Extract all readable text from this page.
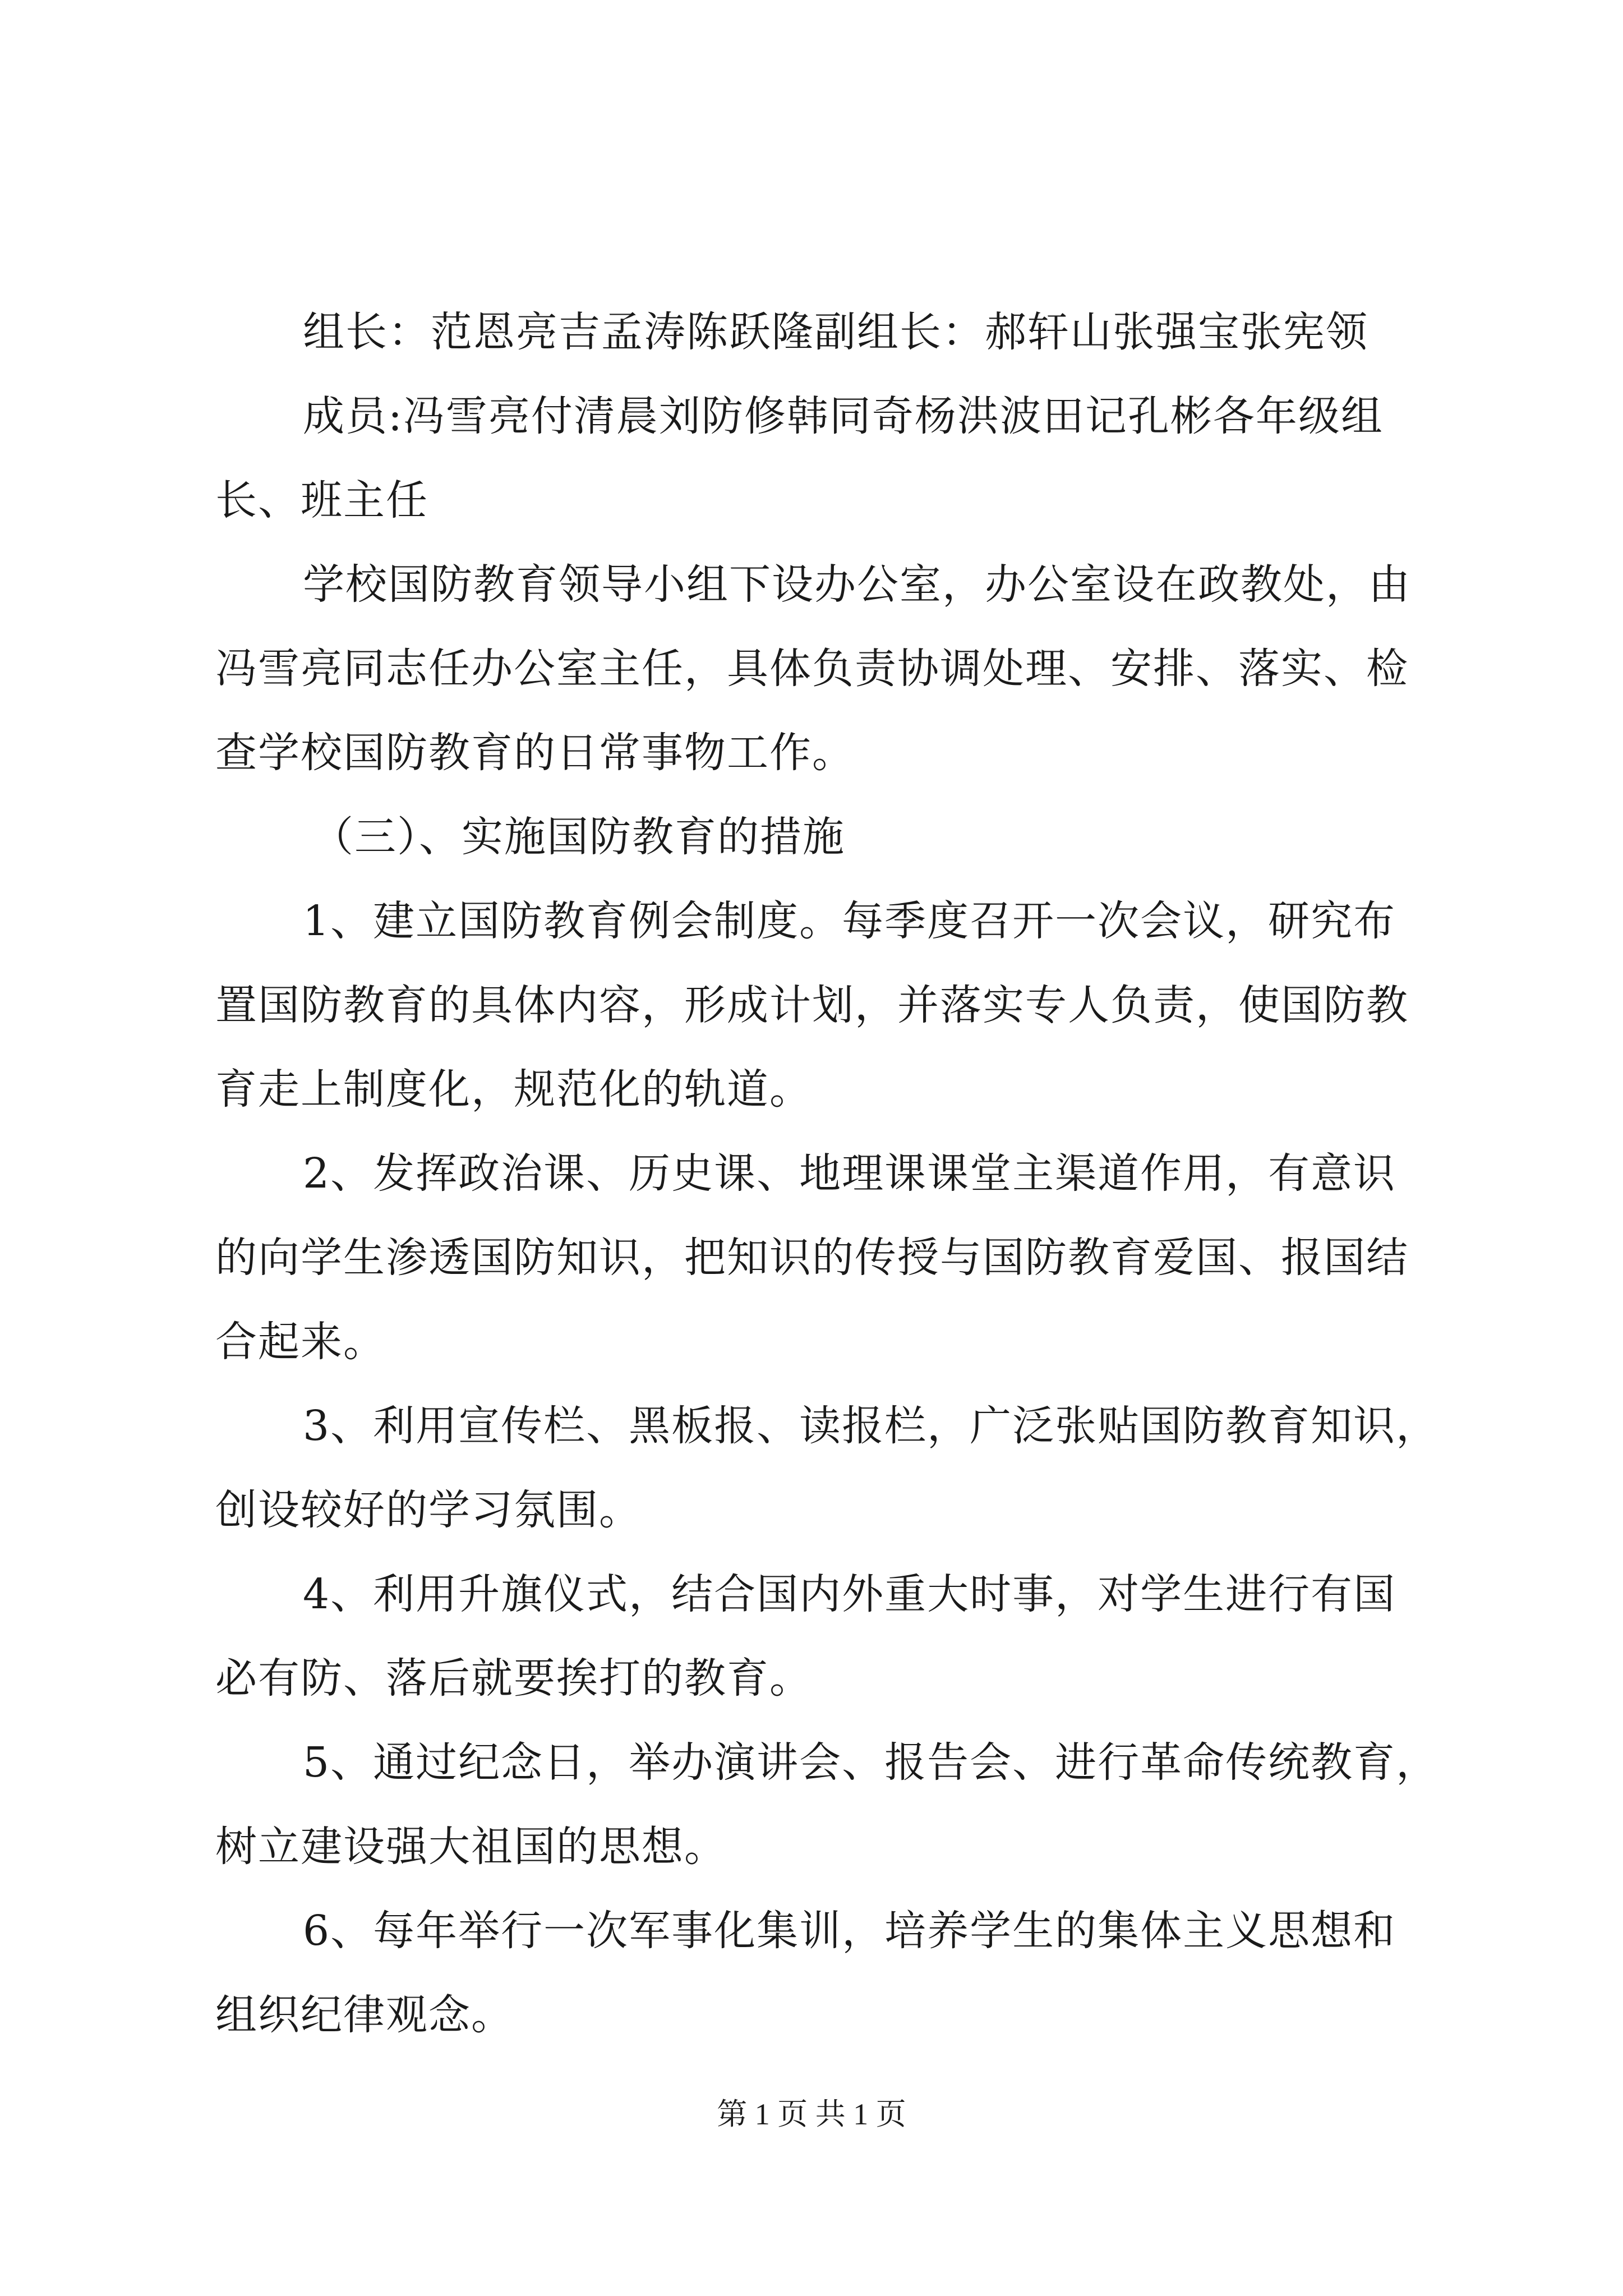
组长：范恩亮吉孟涛陈跃隆副组长：郝轩山张强宝张宪领
成员:冯雪亮付清晨刘防修韩同奇杨洪波田记孔彬各年级组
长、班主任
学校国防教育领导小组下设办公室，办公室设在政教处，由
冯雪亮同志任办公室主任，具体负责协调处理、安排、落实、检
查学校国防教育的日常事物工作。
（三）、实施国防教育的措施
1、建立国防教育例会制度。每季度召开一次会议，研究布
置国防教育的具体内容，形成计划，并落实专人负责，使国防教
育走上制度化，规范化的轨道。
2、发挥政治课、历史课、地理课课堂主渠道作用，有意识
的向学生渗透国防知识，把知识的传授与国防教育爱国、报国结
合起来。
3、利用宣传栏、黑板报、读报栏，广泛张贴国防教育知识，
创设较好的学习氛围。
4、利用升旗仪式，结合国内外重大时事，对学生进行有国
必有防、落后就要挨打的教育。
5、通过纪念日，举办演讲会、报告会、进行革命传统教育，
树立建设强大祖国的思想。
6、每年举行一次军事化集训，培养学生的集体主义思想和
组织纪律观念。
第 1 页 共 1 页
